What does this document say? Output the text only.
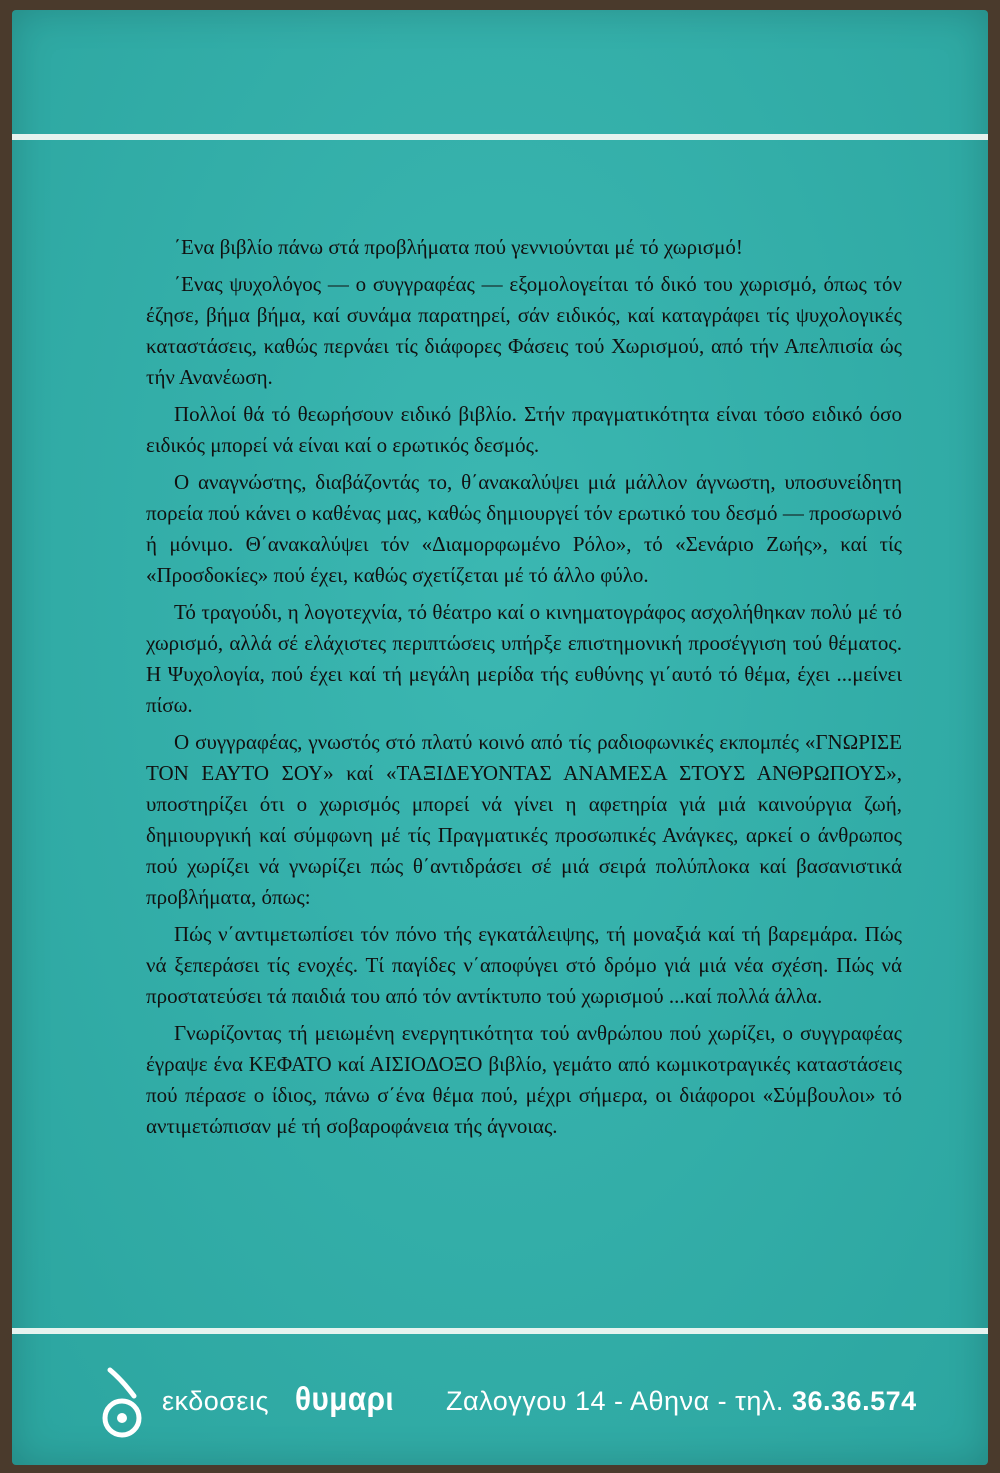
΄Ενα βιβλίο πάνω στά προβλήματα πού γεννιούνται μέ τό χωρισμό!

΄Ενας ψυχολόγος — ο συγγραφέας — εξομολογείται τό δικό του χωρισμό, όπως τόν έζησε, βήμα βήμα, καί συνάμα παρατηρεί, σάν ειδικός, καί καταγράφει τίς ψυχολογικές καταστάσεις, καθώς περνάει τίς διάφορες Φάσεις τού Χωρισμού, από τήν Απελπισία ώς τήν Ανανέωση.

Πολλοί θά τό θεωρήσουν ειδικό βιβλίο. Στήν πραγματικότητα είναι τόσο ειδικό όσο ειδικός μπορεί νά είναι καί ο ερωτικός δεσμός.

Ο αναγνώστης, διαβάζοντάς το, θ΄ανακαλύψει μιά μάλλον άγνωστη, υποσυνείδητη πορεία πού κάνει ο καθένας μας, καθώς δημιουργεί τόν ερωτικό του δεσμό — προσωρινό ή μόνιμο. Θ΄ανακαλύψει τόν «Διαμορφωμένο Ρόλο», τό «Σενάριο Ζωής», καί τίς «Προσδοκίες» πού έχει, καθώς σχετίζεται μέ τό άλλο φύλο.

Τό τραγούδι, η λογοτεχνία, τό θέατρο καί ο κινηματογράφος ασχολήθηκαν πολύ μέ τό χωρισμό, αλλά σέ ελάχιστες περιπτώσεις υπήρξε επιστημονική προσέγγιση τού θέματος. Η Ψυχολογία, πού έχει καί τή μεγάλη μερίδα τής ευθύνης γι΄αυτό τό θέμα, έχει ...μείνει πίσω.

Ο συγγραφέας, γνωστός στό πλατύ κοινό από τίς ραδιοφωνικές εκπομπές «ΓΝΩΡΙΣΕ ΤΟΝ ΕΑΥΤΟ ΣΟΥ» καί «ΤΑΞΙΔΕΥΟΝΤΑΣ ΑΝΑΜΕΣΑ ΣΤΟΥΣ ΑΝΘΡΩΠΟΥΣ», υποστηρίζει ότι ο χωρισμός μπορεί νά γίνει η αφετηρία γιά μιά καινούργια ζωή, δημιουργική καί σύμφωνη μέ τίς Πραγματικές προσωπικές Ανάγκες, αρκεί ο άνθρωπος πού χωρίζει νά γνωρίζει πώς θ΄αντιδράσει σέ μιά σειρά πολύπλοκα καί βασανιστικά προβλήματα, όπως:

Πώς ν΄αντιμετωπίσει τόν πόνο τής εγκατάλειψης, τή μοναξιά καί τή βαρεμάρα. Πώς νά ξεπεράσει τίς ενοχές. Τί παγίδες ν΄αποφύγει στό δρόμο γιά μιά νέα σχέση. Πώς νά προστατεύσει τά παιδιά του από τόν αντίκτυπο τού χωρισμού ...καί πολλά άλλα.

Γνωρίζοντας τή μειωμένη ενεργητικότητα τού ανθρώπου πού χωρίζει, ο συγγραφέας έγραψε ένα ΚΕΦΑΤΟ καί ΑΙΣΙΟΔΟΞΟ βιβλίο, γεμάτο από κωμικοτραγικές καταστάσεις πού πέρασε ο ίδιος, πάνω σ΄ένα θέμα πού, μέχρι σήμερα, οι διάφοροι «Σύμβουλοι» τό αντιμετώπισαν μέ τή σοβαροφάνεια τής άγνοιας.

εκδοσεις θυμαρι Ζαλογγου 14 - Αθηνα - τηλ. 36.36.574
